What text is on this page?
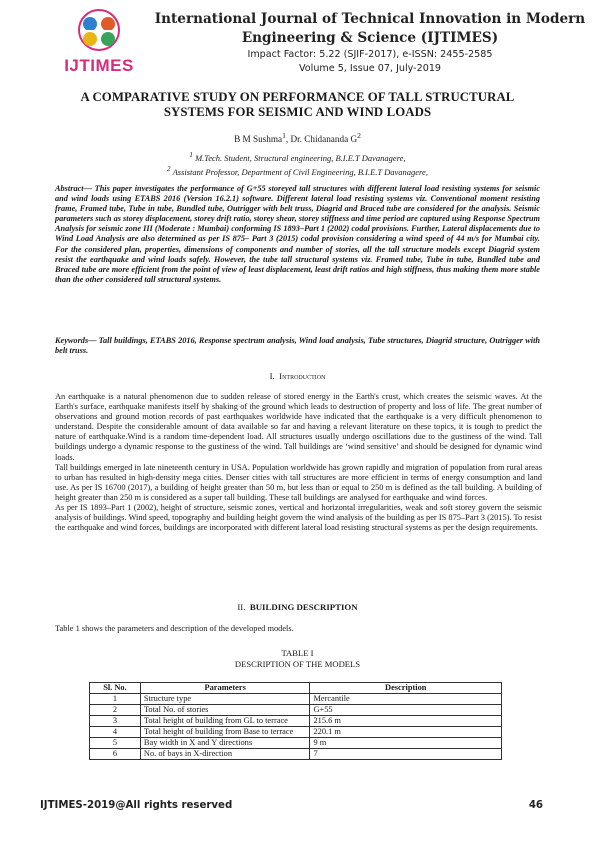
IJTIMES
International Journal of Technical Innovation in Modern
Engineering & Science (IJTIMES)
Impact Factor: 5.22 (SJIF-2017), e-ISSN: 2455-2585
Volume 5, Issue 07, July-2019
A COMPARATIVE STUDY ON PERFORMANCE OF TALL STRUCTURAL
SYSTEMS FOR SEISMIC AND WIND LOADS
B M Sushma$^1$, Dr. Chidananda $G^2$
$^1$ M.Tech. Student, Structural engineering, B.I.E.T Davanagere,
$^2$ Assistant Professor, Department of Civil Engineering, B.I.E.T Davanagere,
Abstract— This paper investigates the performance of G+55 storeyed tall structures with different lateral load resisting systems for seismic and wind loads using ETABS 2016 (Version 16.2.1) software. Different lateral load resisting systems viz. Conventional moment resisting frame, Framed tube, Tube in tube, Bundled tube, Outrigger with belt truss, Diagrid and Braced tube are considered for the analysis. Seismic parameters such as storey displacement, storey drift ratio, storey shear, storey stiffness and time period are captured using Response Spectrum Analysis for seismic zone III (Moderate : Mumbai) conforming IS 1893–Part 1 (2002) codal provisions. Further, Lateral displacements due to Wind Load Analysis are also determined as per IS 875– Part 3 (2015) codal provision considering a wind speed of 44 m/s for Mumbai city. For the considered plan, properties, dimensions of components and number of stories, all the tall structure models except Diagrid system resist the earthquake and wind loads safely. However, the tube tall structural systems viz. Framed tube, Tube in tube, Bundled tube and Braced tube are more efficient from the point of view of least displacement, least drift ratios and high stiffness, thus making them more stable than the other considered tall structural systems.
Keywords— Tall buildings, ETABS 2016, Response spectrum analysis, Wind load analysis, Tube structures, Diagrid structure, Outrigger with belt truss.
I. Introduction

An earthquake is a natural phenomenon due to sudden release of stored energy in the Earth's crust, which creates the seismic waves. At the Earth's surface, earthquake manifests itself by shaking of the ground which leads to destruction of property and loss of life. The great number of observations and ground motion records of past earthquakes worldwide have indicated that the earthquake is a very difficult phenomenon to understand. Despite the considerable amount of data available so far and having a relevant literature on these topics, it is tough to predict the nature of earthquake.Wind is a random time-dependent load. All structures usually undergo oscillations due to the gustiness of the wind. Tall buildings undergo a dynamic response to the gustiness of the wind. Tall buildings are ‘wind sensitive’ and should be designed for dynamic wind loads.

Tall buildings emerged in late nineteenth century in USA. Population worldwide has grown rapidly and migration of population from rural areas to urban has resulted in high-density mega cities. Denser cities with tall structures are more efficient in terms of energy consumption and land use. As per IS 16700 (2017), a building of height greater than 50 m, but less than or equal to 250 m is defined as the tall building. A building of height greater than 250 m is considered as a super tall building. These tall buildings are analysed for earthquake and wind forces.

As per IS 1893–Part 1 (2002), height of structure, seismic zones, vertical and horizontal irregularities, weak and soft storey govern the seismic analysis of buildings. Wind speed, topography and building height govern the wind analysis of the building as per IS 875–Part 3 (2015). To resist the earthquake and wind forces, buildings are incorporated with different lateral load resisting structural systems as per the design requirements.

II. BUILDING DESCRIPTION
Table 1 shows the parameters and description of the developed models.
TABLE I
DESCRIPTION OF THE MODELS
Sl. No.	Parameters	Description
1	Structure type	Mercantile
2	Total No. of stories	G+55
3	Total height of building from GL to terrace	215.6 m
4	Total height of building from Base to terrace	220.1 m
5	Bay width in X and Y directions	9 m
6	No. of bays in X-direction	7
IJTIMES-2019@All rights reserved	46
